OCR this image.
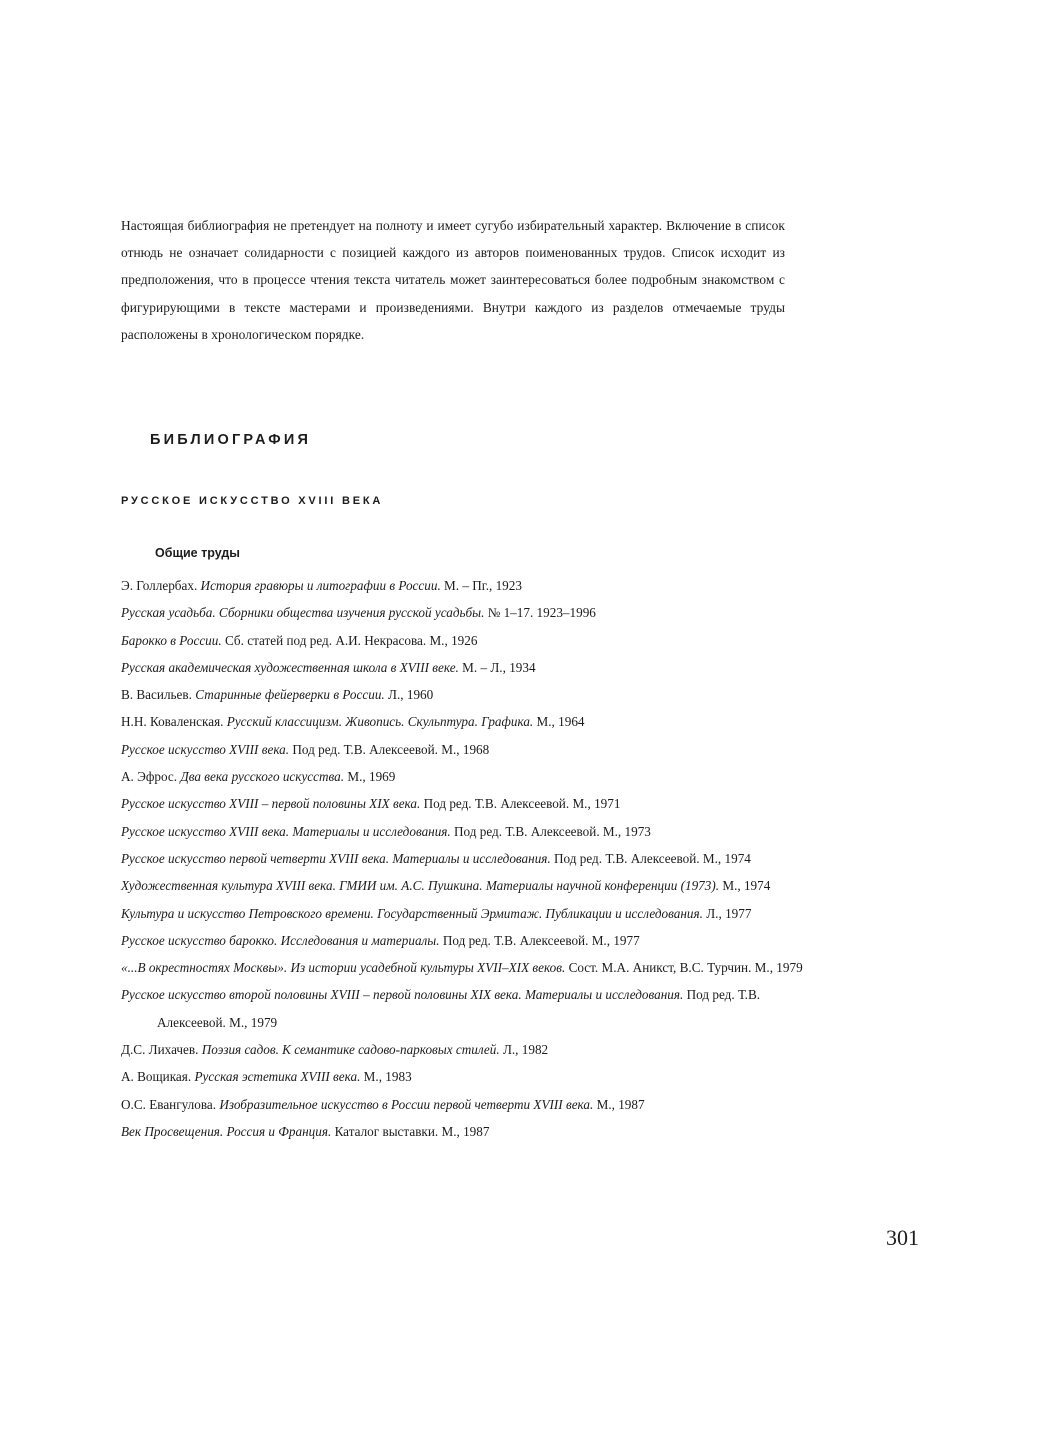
Настоящая библиография не претендует на полноту и имеет сугубо избирательный характер. Включение в список отнюдь не означает солидарности с позицией каждого из авторов поименованных трудов. Список исходит из предположения, что в процессе чтения текста читатель может заинтересоваться более подробным знакомством с фигурирующими в тексте мастерами и произведениями. Внутри каждого из разделов отмечаемые труды расположены в хронологическом порядке.

БИБЛИОГРАФИЯ
РУССКОЕ ИСКУССТВО XVIII ВЕКА
Общие труды
Э. Голлербах. История гравюры и литографии в России. М. – Пг., 1923
Русская усадьба. Сборники общества изучения русской усадьбы. № 1–17. 1923–1996
Барокко в России. Сб. статей под ред. А.И. Некрасова. М., 1926
Русская академическая художественная школа в XVIII веке. М. – Л., 1934
В. Васильев. Старинные фейерверки в России. Л., 1960
Н.Н. Коваленская. Русский классицизм. Живопись. Скульптура. Графика. М., 1964
Русское искусство XVIII века. Под ред. Т.В. Алексеевой. М., 1968
А. Эфрос. Два века русского искусства. М., 1969
Русское искусство XVIII – первой половины XIX века. Под ред. Т.В. Алексеевой. М., 1971
Русское искусство XVIII века. Материалы и исследования. Под ред. Т.В. Алексеевой. М., 1973
Русское искусство первой четверти XVIII века. Материалы и исследования. Под ред. Т.В. Алексеевой. М., 1974
Художественная культура XVIII века. ГМИИ им. А.С. Пушкина. Материалы научной конференции (1973). М., 1974
Культура и искусство Петровского времени. Государственный Эрмитаж. Публикации и исследования. Л., 1977
Русское искусство барокко. Исследования и материалы. Под ред. Т.В. Алексеевой. М., 1977
«...В окрестностях Москвы». Из истории усадебной культуры XVII–XIX веков. Сост. М.А. Аникст, В.С. Турчин. М., 1979
Русское искусство второй половины XVIII – первой половины XIX века. Материалы и исследования. Под ред. Т.В. Алексеевой. М., 1979
Д.С. Лихачев. Поэзия садов. К семантике садово-парковых стилей. Л., 1982
А. Вощикая. Русская эстетика XVIII века. М., 1983
О.С. Евангулова. Изобразительное искусство в России первой четверти XVIII века. М., 1987
Век Просвещения. Россия и Франция. Каталог выставки. М., 1987
301
